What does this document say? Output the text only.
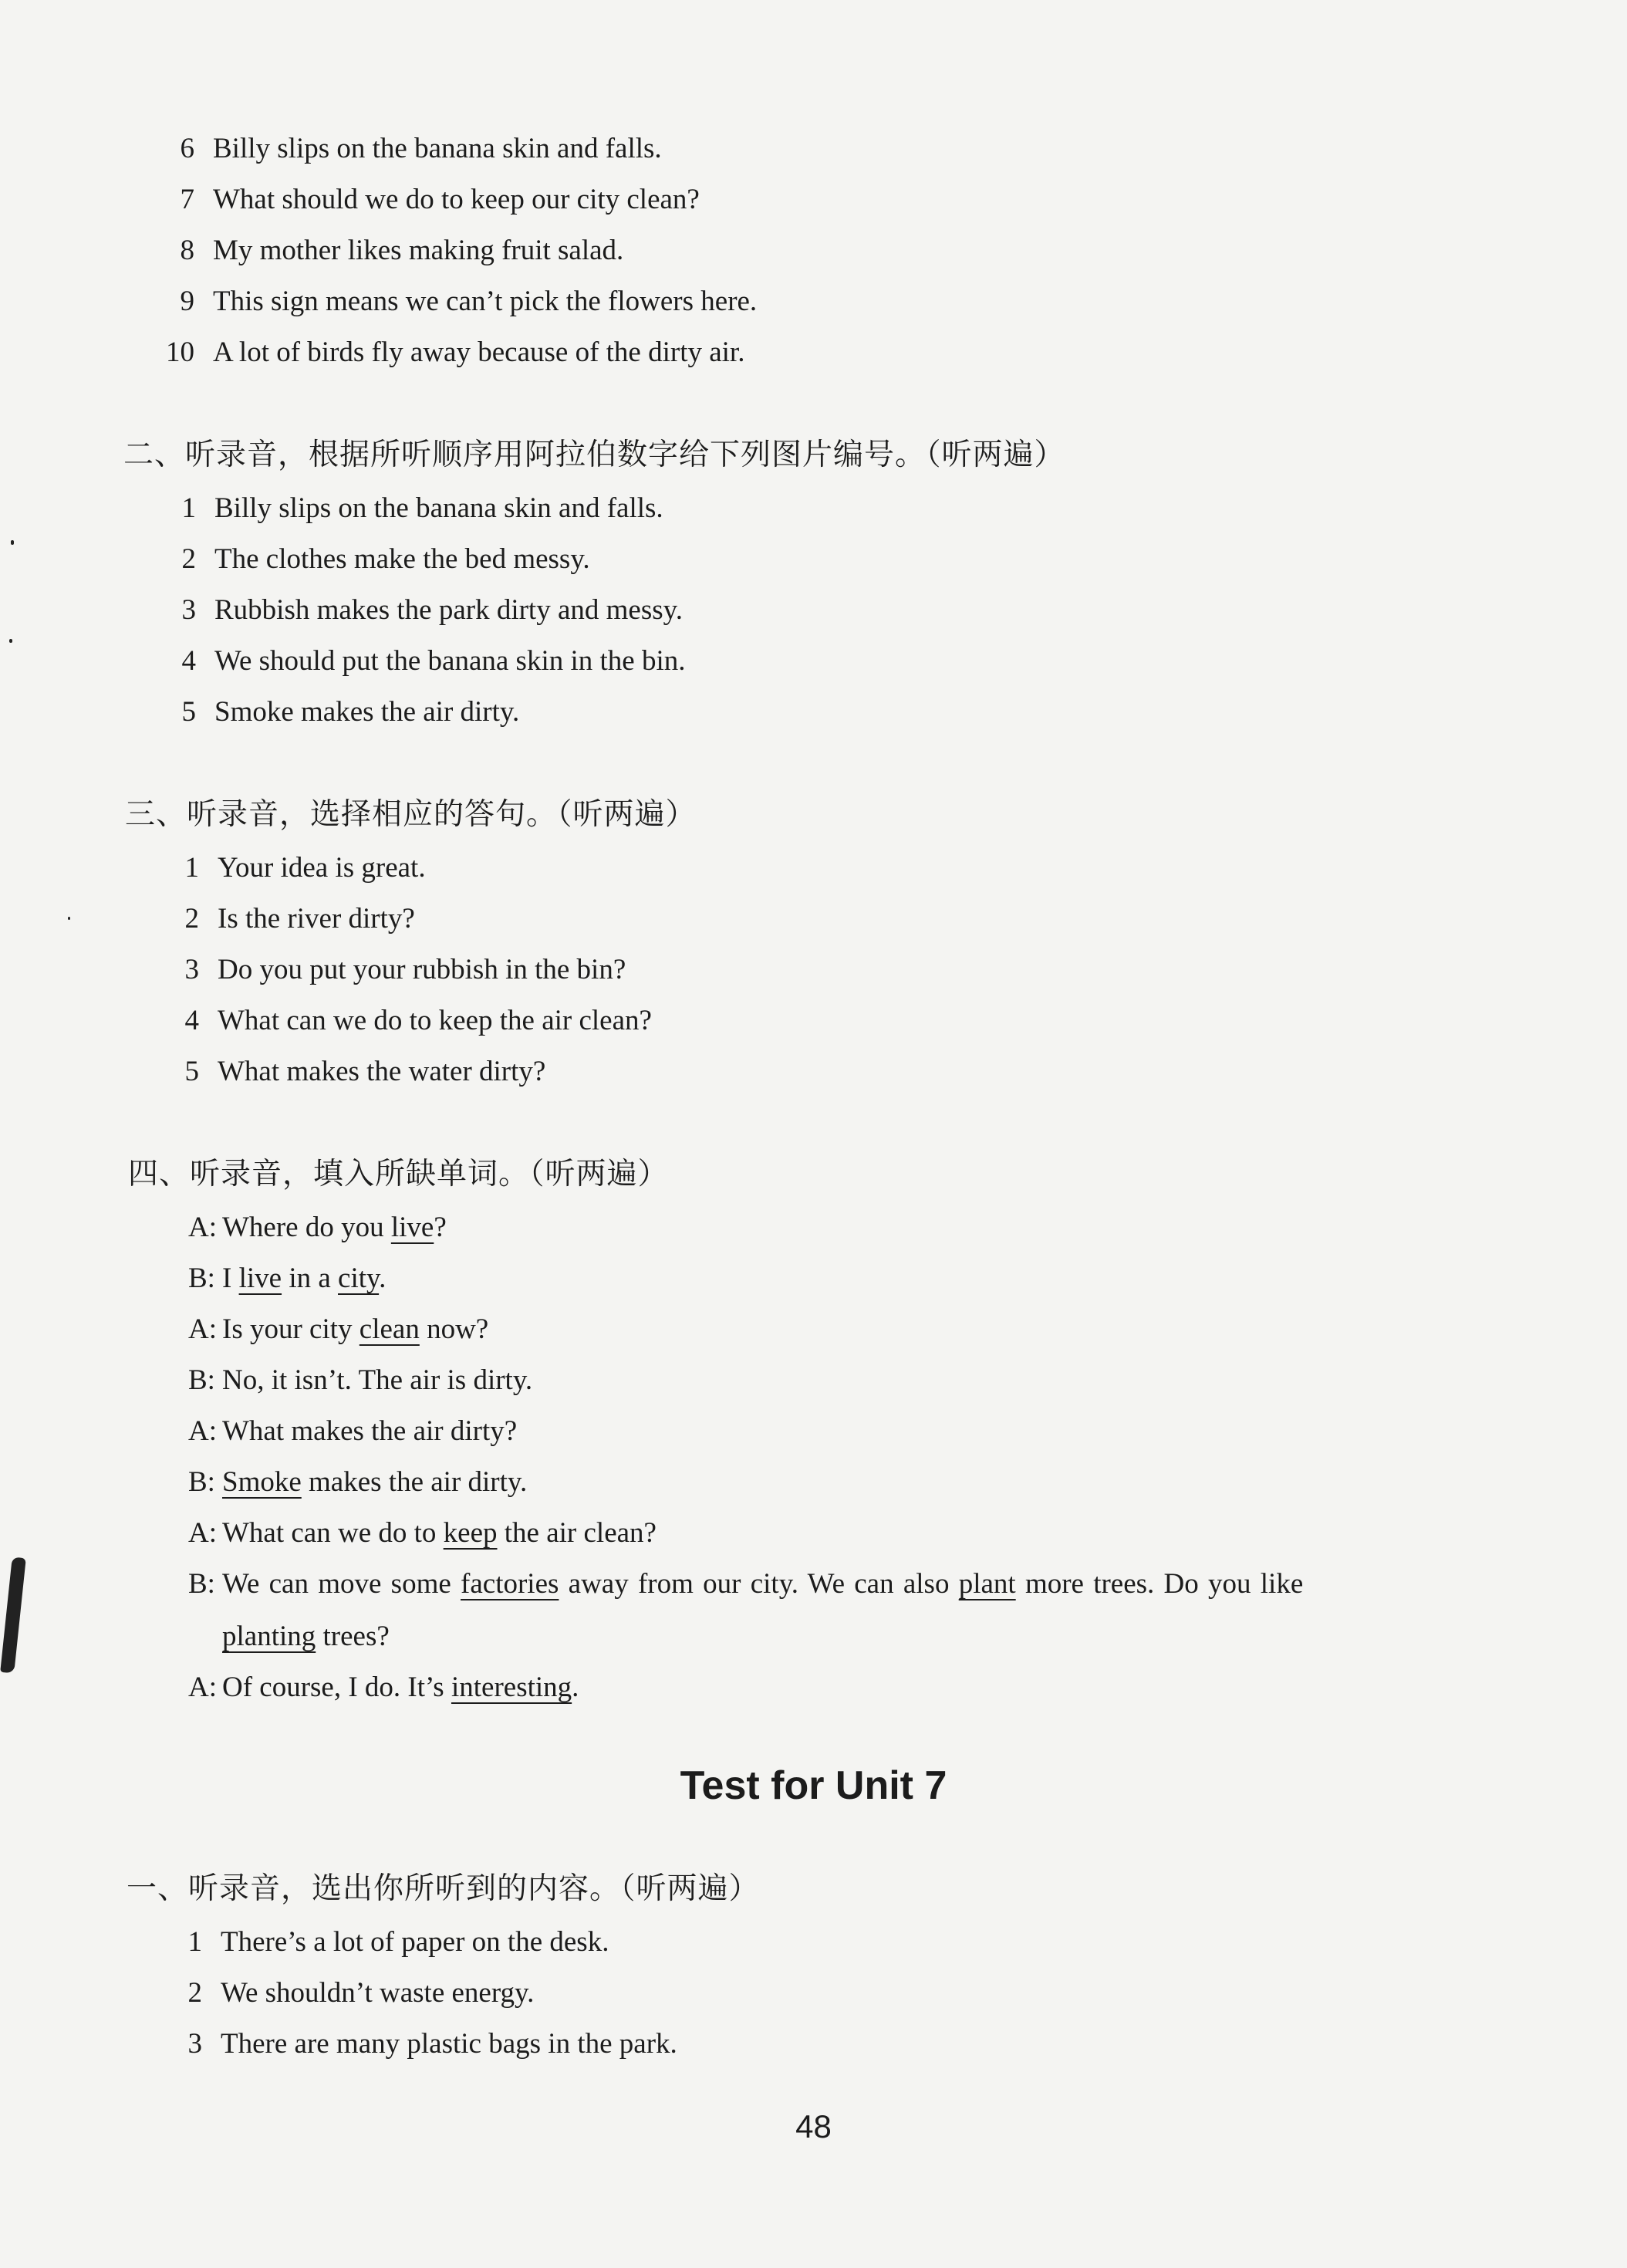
6 Billy slips on the banana skin and falls.
7 What should we do to keep our city clean?
8 My mother likes making fruit salad.
9 This sign means we can’t pick the flowers here.
10 A lot of birds fly away because of the dirty air.
二、听录音，根据所听顺序用阿拉伯数字给下列图片编号。（听两遍）
1 Billy slips on the banana skin and falls.
2 The clothes make the bed messy.
3 Rubbish makes the park dirty and messy.
4 We should put the banana skin in the bin.
5 Smoke makes the air dirty.
三、听录音，选择相应的答句。（听两遍）
1 Your idea is great.
2 Is the river dirty?
3 Do you put your rubbish in the bin?
4 What can we do to keep the air clean?
5 What makes the water dirty?
四、听录音，填入所缺单词。（听两遍）
A: Where do you live?
B: I live in a city.
A: Is your city clean now?
B: No, it isn’t. The air is dirty.
A: What makes the air dirty?
B: Smoke makes the air dirty.
A: What can we do to keep the air clean?
B: We can move some factories away from our city. We can also plant more trees. Do you like
planting trees?
A: Of course, I do. It’s interesting.
Test for Unit 7
一、听录音，选出你所听到的内容。（听两遍）
1 There’s a lot of paper on the desk.
2 We shouldn’t waste energy.
3 There are many plastic bags in the park.
48
